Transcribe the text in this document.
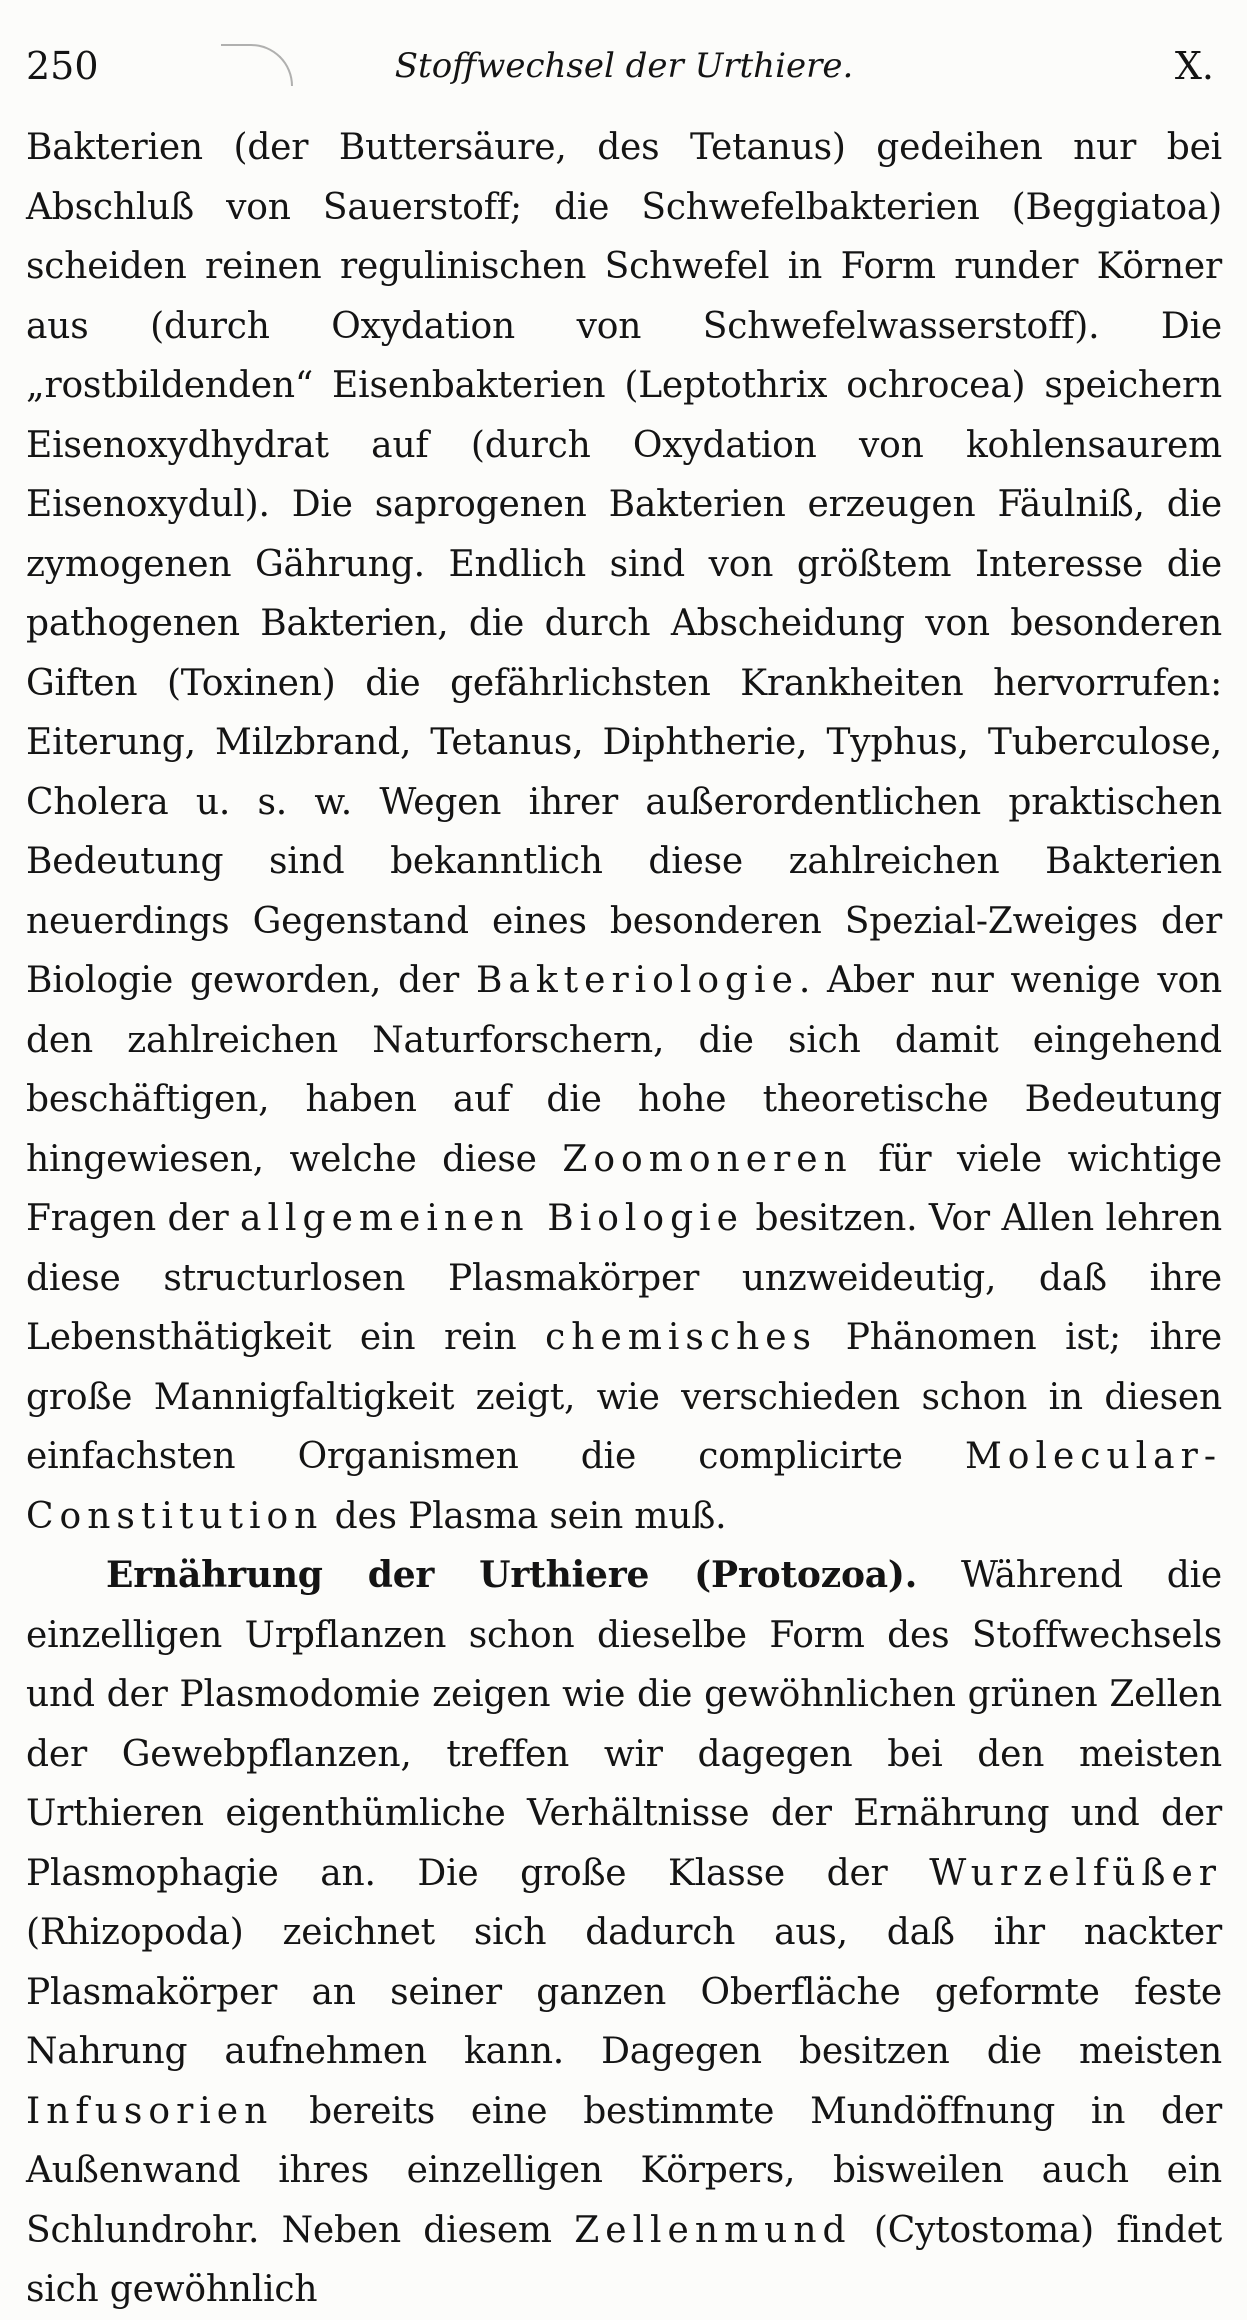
250	Stoffwechsel der Urthiere.	X.

Bakterien (der Buttersäure, des Tetanus) gedeihen nur bei Abschluß von Sauerstoff; die Schwefelbakterien (Beggiatoa) scheiden reinen regulinischen Schwefel in Form runder Körner aus (durch Oxydation von Schwefelwasserstoff). Die „rostbildenden“ Eisenbakterien (Leptothrix ochrocea) speichern Eisenoxydhydrat auf (durch Oxydation von kohlensaurem Eisenoxydul). Die saprogenen Bakterien erzeugen Fäulniß, die zymogenen Gährung. Endlich sind von größtem Interesse die pathogenen Bakterien, die durch Abscheidung von besonderen Giften (Toxinen) die gefährlichsten Krankheiten hervorrufen: Eiterung, Milzbrand, Tetanus, Diphtherie, Typhus, Tuberculose, Cholera u. s. w. Wegen ihrer außerordentlichen praktischen Bedeutung sind bekanntlich diese zahlreichen Bakterien neuerdings Gegenstand eines besonderen Spezial-Zweiges der Biologie geworden, der Bakteriologie. Aber nur wenige von den zahlreichen Naturforschern, die sich damit eingehend beschäftigen, haben auf die hohe theoretische Bedeutung hingewiesen, welche diese Zoomoneren für viele wichtige Fragen der allgemeinen Biologie besitzen. Vor Allen lehren diese structurlosen Plasmakörper unzweideutig, daß ihre Lebensthätigkeit ein rein chemisches Phänomen ist; ihre große Mannigfaltigkeit zeigt, wie verschieden schon in diesen einfachsten Organismen die complicirte Molecular-Constitution des Plasma sein muß.

Ernährung der Urthiere (Protozoa). Während die einzelligen Urpflanzen schon dieselbe Form des Stoffwechsels und der Plasmodomie zeigen wie die gewöhnlichen grünen Zellen der Gewebpflanzen, treffen wir dagegen bei den meisten Urthieren eigenthümliche Verhältnisse der Ernährung und der Plasmophagie an. Die große Klasse der Wurzelfüßer (Rhizopoda) zeichnet sich dadurch aus, daß ihr nackter Plasmakörper an seiner ganzen Oberfläche geformte feste Nahrung aufnehmen kann. Dagegen besitzen die meisten Infusorien bereits eine bestimmte Mundöffnung in der Außenwand ihres einzelligen Körpers, bisweilen auch ein Schlundrohr. Neben diesem Zellenmund (Cytostoma) findet sich gewöhnlich
